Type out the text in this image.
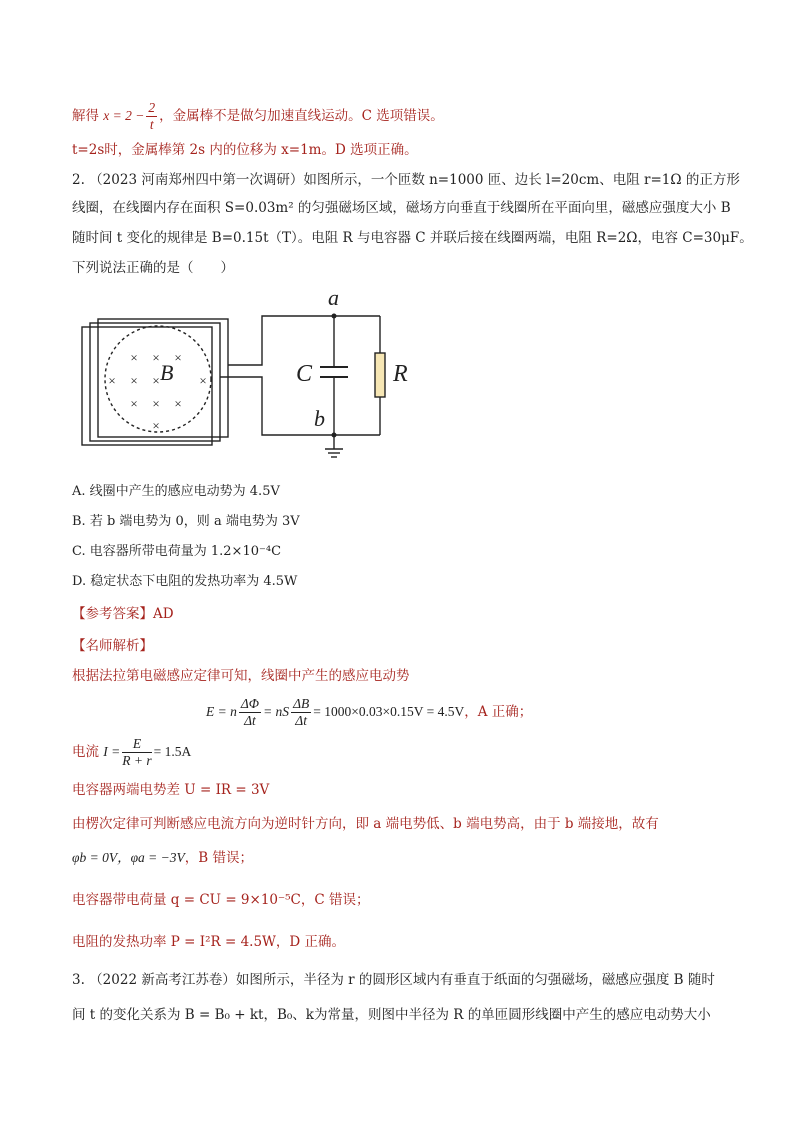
解得 $x = 2 - \frac{2}{t}$ ，金属棒不是做匀加速直线运动。C 选项错误。
t=2s时，金属棒第 2s 内的位移为 x=1m。D 选项正确。
2. （2023 河南郑州四中第一次调研）如图所示，一个匝数 n=1000 匝、边长 l=20cm、电阻 r=1Ω 的正方形
线圈，在线圈内存在面积 S=0.03m² 的匀强磁场区域，磁场方向垂直于线圈所在平面向里，磁感应强度大小 B
随时间 t 变化的规律是 B=0.15t（T）。电阻 R 与电容器 C 并联后接在线圈两端，电阻 R=2Ω，电容 C=30μF。
下列说法正确的是（　　）
× × ×
× × ×	×
× × ×
×
B
a
b
C	R
A. 线圈中产生的感应电动势为 4.5V
B. 若 b 端电势为 0，则 a 端电势为 3V
C. 电容器所带电荷量为 1.2×10⁻⁴C
D. 稳定状态下电阻的发热功率为 4.5W
【参考答案】AD
【名师解析】
根据法拉第电磁感应定律可知，线圈中产生的感应电动势
E = n $\frac{\Delta\Phi}{\Delta t}$ = nS $\frac{\Delta B}{\Delta t} = 1000\times 0.03\times 0.15V = 4.5V$，A 正确；
电流 $I = \frac{E}{R + r} = 1.5A$
电容器两端电势差 U = IR = 3V
由楞次定律可判断感应电流方向为逆时针方向，即 a 端电势低、b 端电势高，由于 b 端接地，故有
φb = 0V，φa = −3V，B 错误；
电容器带电荷量 q = CU = 9×10⁻⁵C，C 错误；
电阻的发热功率 P = I²R = 4.5W，D 正确。
3. （2022 新高考江苏卷）如图所示，半径为 r 的圆形区域内有垂直于纸面的匀强磁场，磁感应强度 B 随时
间 t 的变化关系为 B = B₀ + kt，B₀、k为常量，则图中半径为 R 的单匝圆形线圈中产生的感应电动势大小
